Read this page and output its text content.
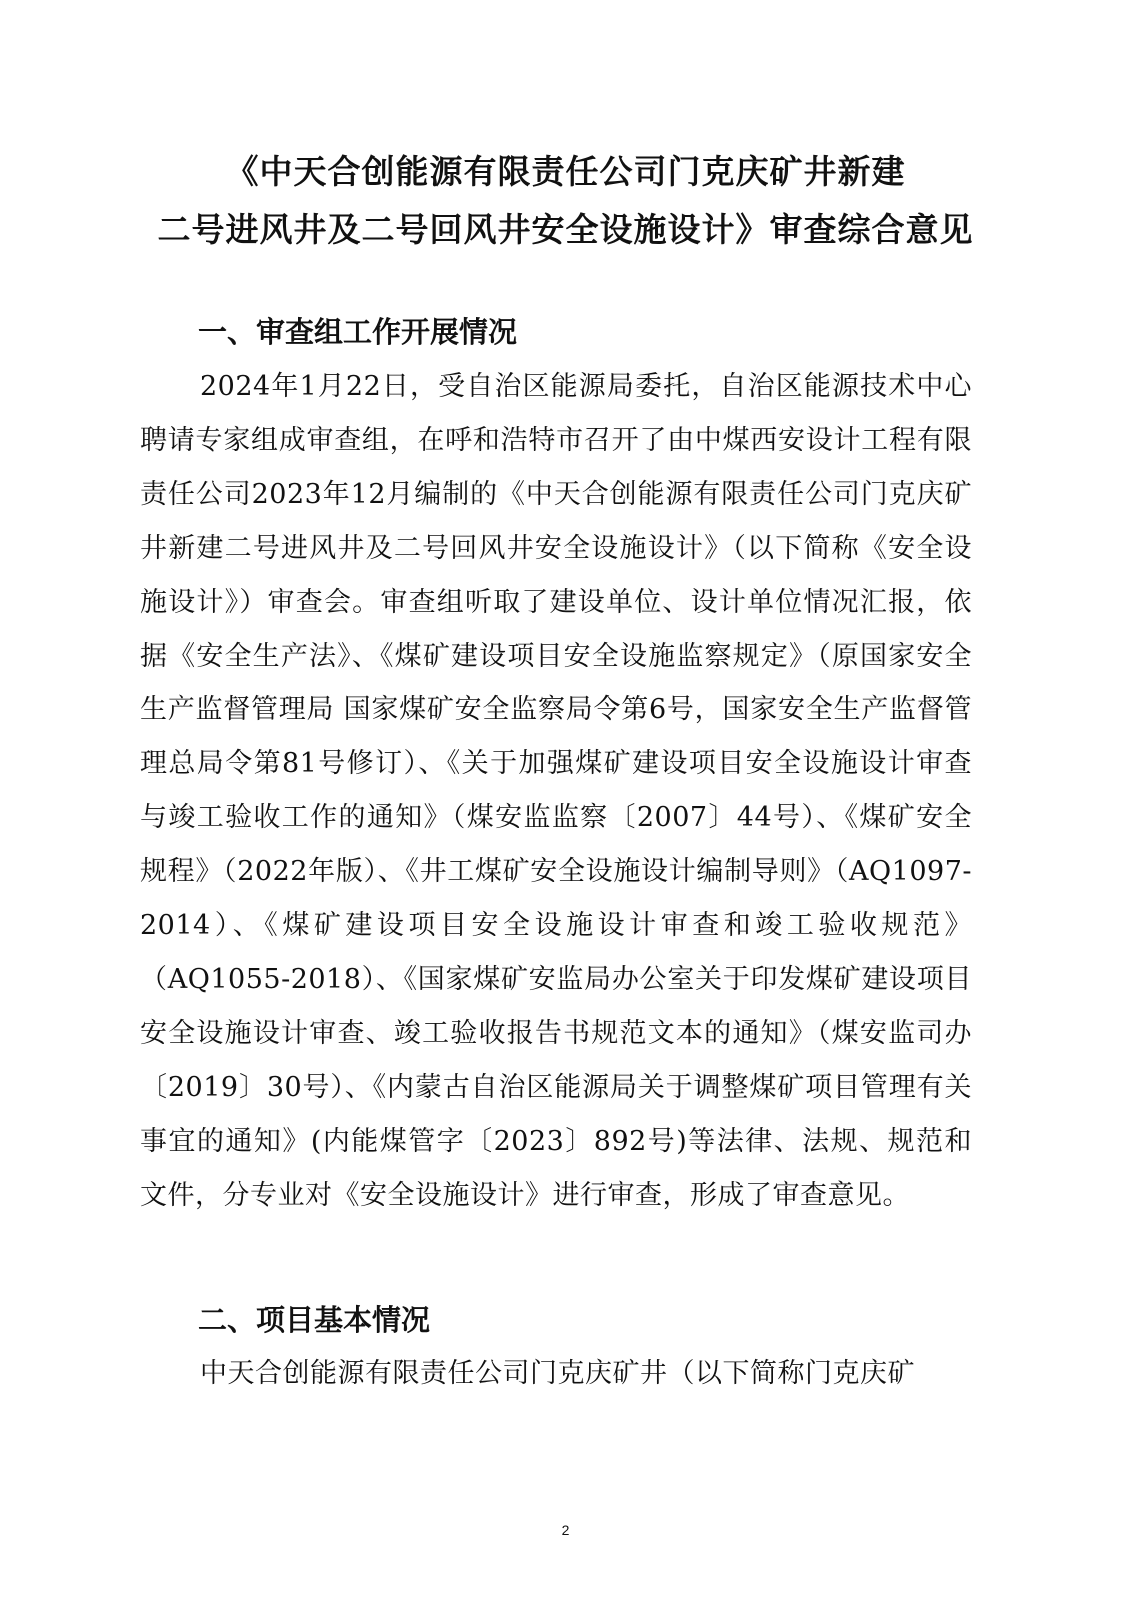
《中天合创能源有限责任公司门克庆矿井新建
二号进风井及二号回风井安全设施设计》审查综合意见
一、审查组工作开展情况

2024年1月22日，受自治区能源局委托，自治区能源技术中心聘请专家组成审查组，在呼和浩特市召开了由中煤西安设计工程有限责任公司2023年12月编制的《中天合创能源有限责任公司门克庆矿井新建二号进风井及二号回风井安全设施设计》（以下简称《安全设施设计》）审查会。审查组听取了建设单位、设计单位情况汇报，依据《安全生产法》、《煤矿建设项目安全设施监察规定》（原国家安全生产监督管理局 国家煤矿安全监察局令第6号，国家安全生产监督管理总局令第81号修订）、《关于加强煤矿建设项目安全设施设计审查与竣工验收工作的通知》（煤安监监察〔2007〕44号）、《煤矿安全规程》（2022年版）、《井工煤矿安全设施设计编制导则》（AQ1097-2014）、《煤矿建设项目安全设施设计审查和竣工验收规范》（AQ1055-2018）、《国家煤矿安监局办公室关于印发煤矿建设项目安全设施设计审查、竣工验收报告书规范文本的通知》（煤安监司办〔2019〕30号）、《内蒙古自治区能源局关于调整煤矿项目管理有关事宜的通知》(内能煤管字〔2023〕892号)等法律、法规、规范和文件，分专业对《安全设施设计》进行审查，形成了审查意见。

二、项目基本情况

中天合创能源有限责任公司门克庆矿井（以下简称门克庆矿

2
